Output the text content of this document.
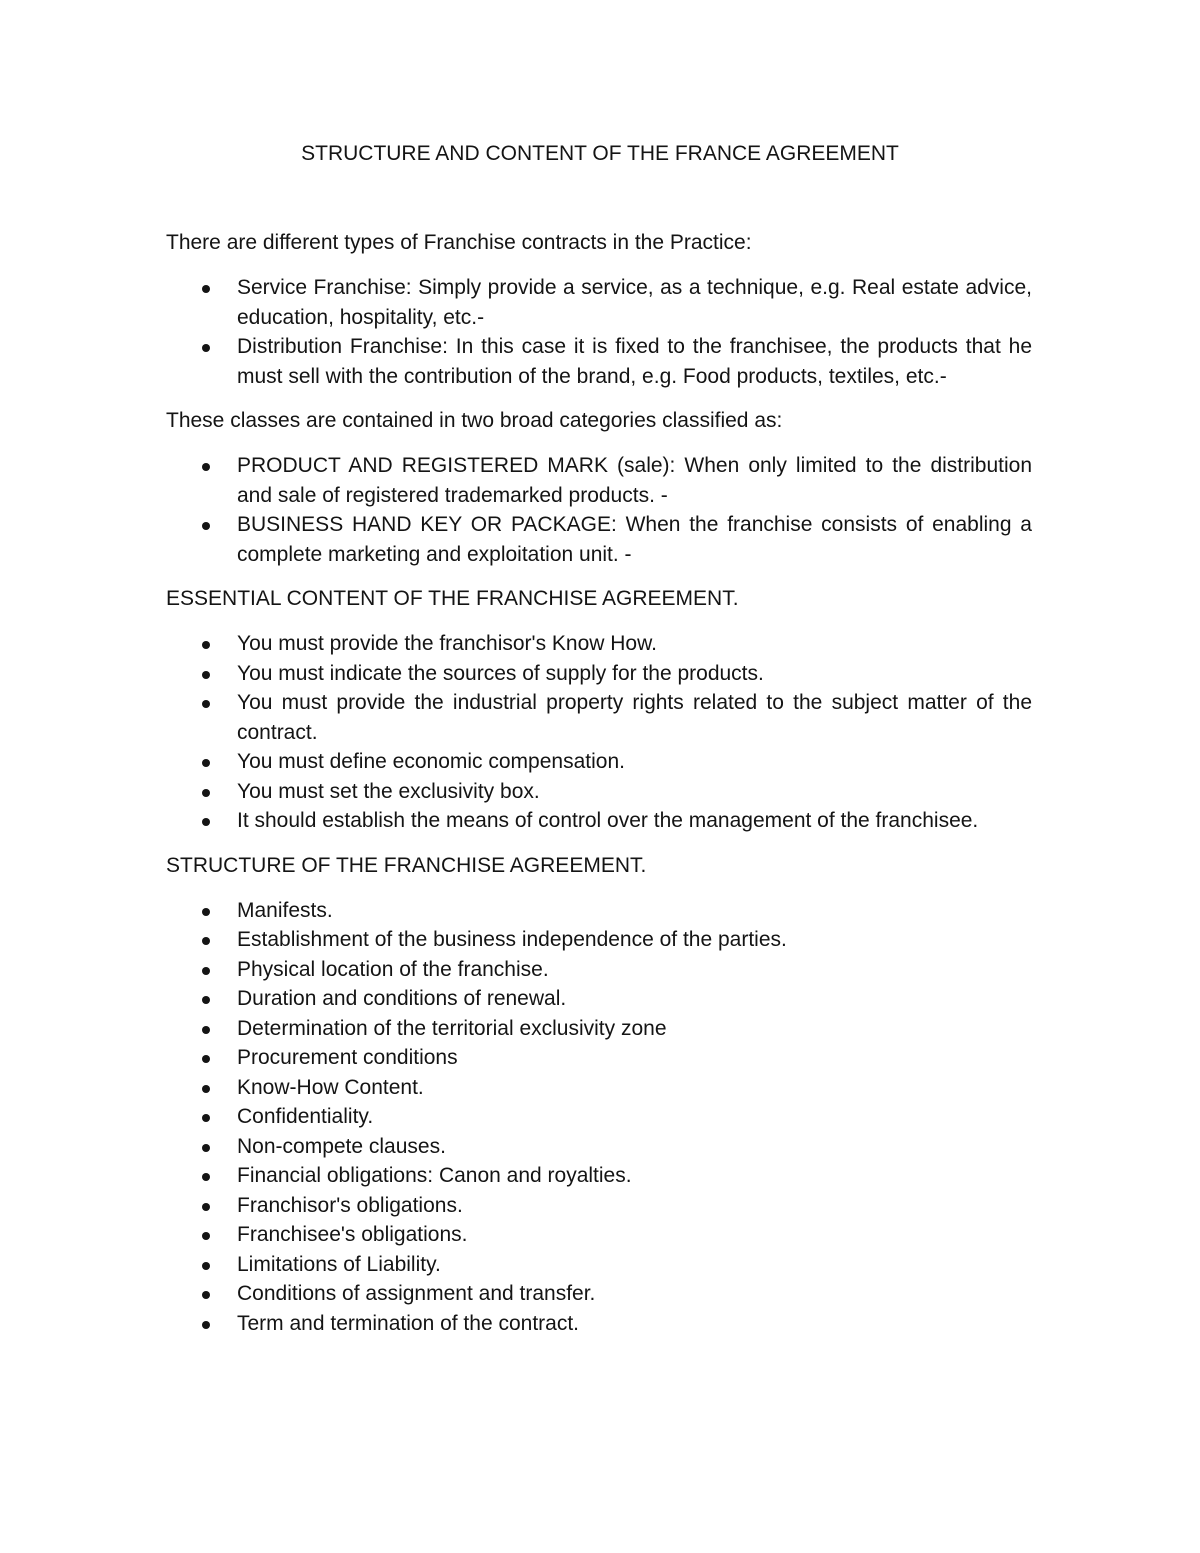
STRUCTURE AND CONTENT OF THE FRANCE AGREEMENT

There are different types of Franchise contracts in the Practice:

Service Franchise: Simply provide a service, as a technique, e.g. Real estate advice, education, hospitality, etc.-
Distribution Franchise: In this case it is fixed to the franchisee, the products that he must sell with the contribution of the brand, e.g. Food products, textiles, etc.-

These classes are contained in two broad categories classified as:

PRODUCT AND REGISTERED MARK (sale): When only limited to the distribution and sale of registered trademarked products. -
BUSINESS HAND KEY OR PACKAGE: When the franchise consists of enabling a complete marketing and exploitation unit. -

ESSENTIAL CONTENT OF THE FRANCHISE AGREEMENT.

You must provide the franchisor's Know How.
You must indicate the sources of supply for the products.
You must provide the industrial property rights related to the subject matter of the contract.
You must define economic compensation.
You must set the exclusivity box.
It should establish the means of control over the management of the franchisee.

STRUCTURE OF THE FRANCHISE AGREEMENT.

Manifests.
Establishment of the business independence of the parties.
Physical location of the franchise.
Duration and conditions of renewal.
Determination of the territorial exclusivity zone
Procurement conditions
Know-How Content.
Confidentiality.
Non-compete clauses.
Financial obligations: Canon and royalties.
Franchisor's obligations.
Franchisee's obligations.
Limitations of Liability.
Conditions of assignment and transfer.
Term and termination of the contract.
